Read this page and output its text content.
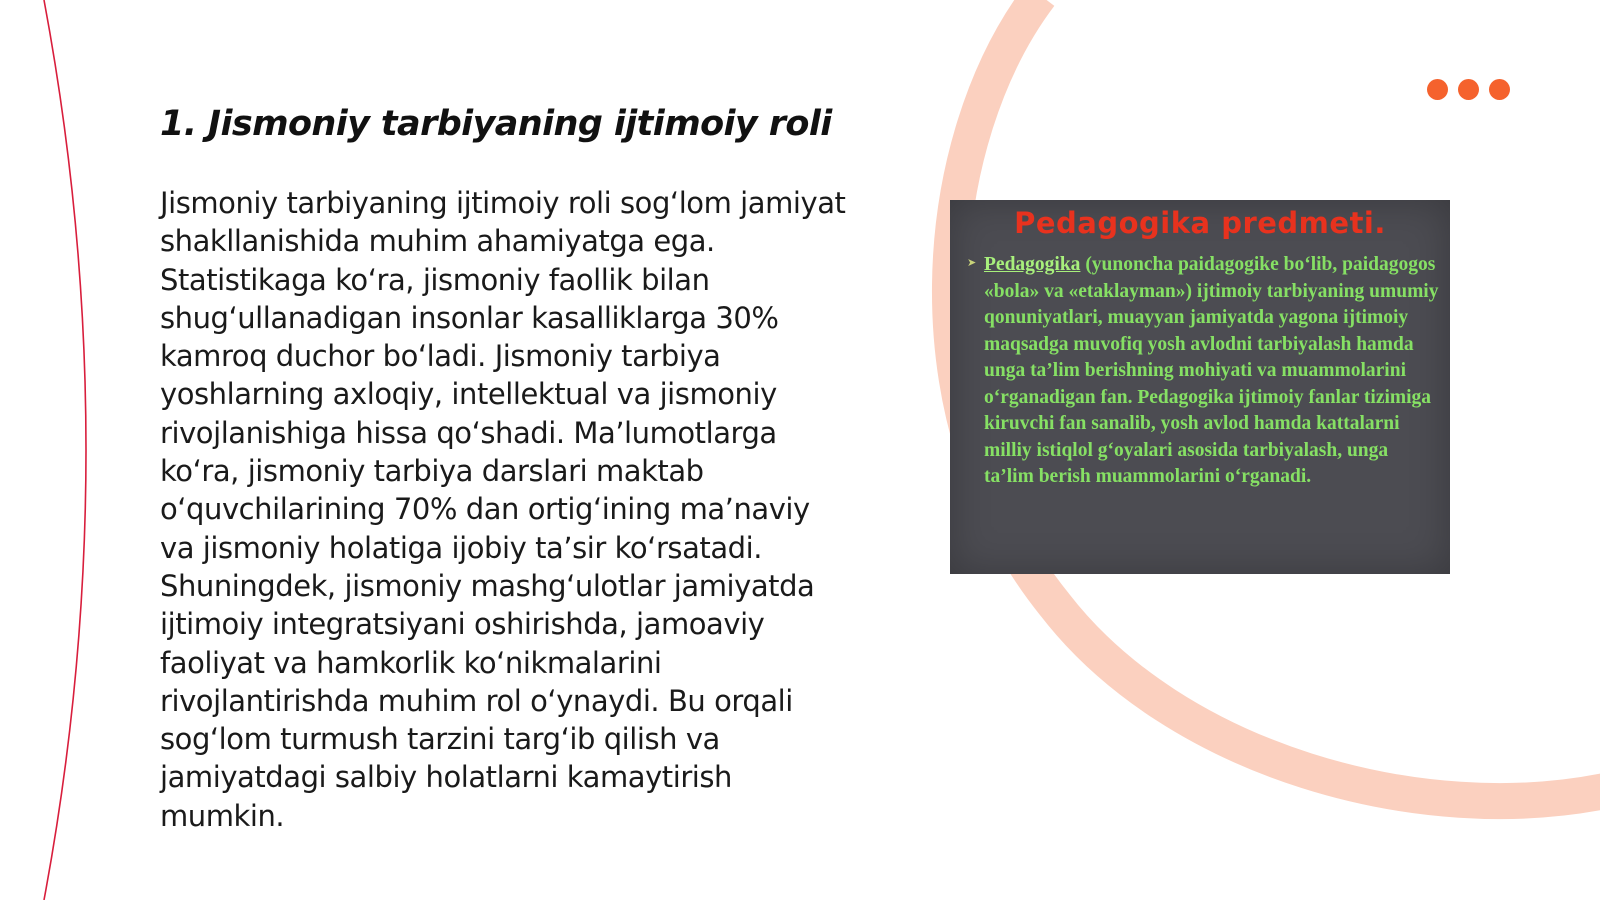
1. Jismoniy tarbiyaning ijtimoiy roli

Jismoniy tarbiyaning ijtimoiy roli sog‘lom jamiyat shakllanishida muhim ahamiyatga ega. Statistikaga ko‘ra, jismoniy faollik bilan shug‘ullanadigan insonlar kasalliklarga 30% kamroq duchor bo‘ladi. Jismoniy tarbiya yoshlarning axloqiy, intellektual va jismoniy rivojlanishiga hissa qo‘shadi. Ma’lumotlarga ko‘ra, jismoniy tarbiya darslari maktab o‘quvchilarining 70% dan ortig‘ining ma’naviy va jismoniy holatiga ijobiy ta’sir ko‘rsatadi. Shuningdek, jismoniy mashg‘ulotlar jamiyatda ijtimoiy integratsiyani oshirishda, jamoaviy faoliyat va hamkorlik ko‘nikmalarini rivojlantirishda muhim rol o‘ynaydi. Bu orqali sog‘lom turmush tarzini targ‘ib qilish va jamiyatdagi salbiy holatlarni kamaytirish mumkin.

Pedagogika predmeti.
➤ Pedagogika (yunoncha paidagogike bo‘lib, paidagogos «bola» va «etaklayman») ijtimoiy tarbiyaning umumiy qonuniyatlari, muayyan jamiyatda yagona ijtimoiy maqsadga muvofiq yosh avlodni tarbiyalash hamda unga ta’lim berishning mohiyati va muammolarini o‘rganadigan fan. Pedagogika ijtimoiy fanlar tizimiga kiruvchi fan sanalib, yosh avlod hamda kattalarni milliy istiqlol g‘oyalari asosida tarbiyalash, unga ta’lim berish muammolarini o‘rganadi.
